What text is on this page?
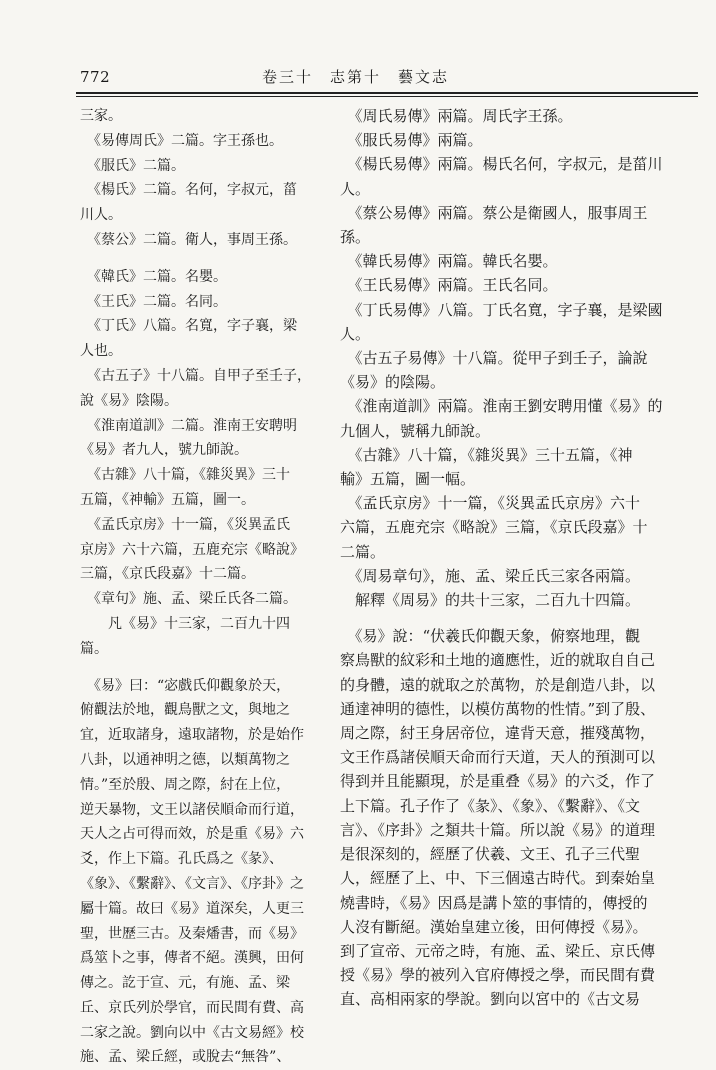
772	卷三十　志第十　藝文志

三家。

　《易傳周氏》二篇。字王孫也。

　《服氏》二篇。

　《楊氏》二篇。名何，字叔元，菑

川人。

　《蔡公》二篇。衛人，事周王孫。

　《韓氏》二篇。名嬰。

　《王氏》二篇。名同。

　《丁氏》八篇。名寬，字子襄，梁

人也。

　《古五子》十八篇。自甲子至壬子，

說《易》陰陽。

　《淮南道訓》二篇。淮南王安聘明

《易》者九人，號九師說。

　《古雜》八十篇，《雜災異》三十

五篇，《神輸》五篇，圖一。

　《孟氏京房》十一篇，《災異孟氏

京房》六十六篇，五鹿充宗《略說》

三篇，《京氏段嘉》十二篇。

　《章句》施、孟、梁丘氏各二篇。

　　凡《易》十三家，二百九十四

篇。

　《易》曰：“宓戲氏仰觀象於天，

俯觀法於地，觀鳥獸之文，與地之

宜，近取諸身，遠取諸物，於是始作

八卦，以通神明之德，以類萬物之

情。”至於殷、周之際，紂在上位，

逆天暴物，文王以諸侯順命而行道，

天人之占可得而效，於是重《易》六

爻，作上下篇。孔氏爲之《彖》、

《象》、《繫辭》、《文言》、《序卦》之

屬十篇。故曰《易》道深矣，人更三

聖，世歷三古。及秦燔書，而《易》

爲筮卜之事，傳者不絕。漢興，田何

傳之。訖于宣、元，有施、孟、梁

丘、京氏列於學官，而民間有費、高

二家之說。劉向以中《古文易經》校

施、孟、梁丘經，或脫去“無咎”、

　《周氏易傳》兩篇。周氏字王孫。

　《服氏易傳》兩篇。

　《楊氏易傳》兩篇。楊氏名何，字叔元，是菑川

人。

　《蔡公易傳》兩篇。蔡公是衛國人，服事周王

孫。

　《韓氏易傳》兩篇。韓氏名嬰。

　《王氏易傳》兩篇。王氏名同。

　《丁氏易傳》八篇。丁氏名寬，字子襄，是梁國

人。

　《古五子易傳》十八篇。從甲子到壬子，論說

《易》的陰陽。

　《淮南道訓》兩篇。淮南王劉安聘用懂《易》的

九個人，號稱九師說。

　《古雜》八十篇，《雜災異》三十五篇，《神

輸》五篇，圖一幅。

　《孟氏京房》十一篇，《災異孟氏京房》六十

六篇，五鹿充宗《略說》三篇，《京氏段嘉》十

二篇。

　《周易章句》，施、孟、梁丘氏三家各兩篇。

　解釋《周易》的共十三家，二百九十四篇。

　《易》說：“伏羲氏仰觀天象，俯察地理，觀

察鳥獸的紋彩和土地的適應性，近的就取自自己

的身體，遠的就取之於萬物，於是創造八卦，以

通達神明的德性，以模仿萬物的性情。”到了殷、

周之際，紂王身居帝位，違背天意，摧殘萬物，

文王作爲諸侯順天命而行天道，天人的預測可以

得到并且能顯現，於是重叠《易》的六爻，作了

上下篇。孔子作了《彖》、《象》、《繫辭》、《文

言》、《序卦》之類共十篇。所以說《易》的道理

是很深刻的，經歷了伏羲、文王、孔子三代聖

人，經歷了上、中、下三個遠古時代。到秦始皇

燒書時，《易》因爲是講卜筮的事情的，傳授的

人沒有斷絕。漢始皇建立後，田何傳授《易》。

到了宣帝、元帝之時，有施、孟、梁丘、京氏傳

授《易》學的被列入官府傳授之學，而民間有費

直、高相兩家的學說。劉向以宮中的《古文易
